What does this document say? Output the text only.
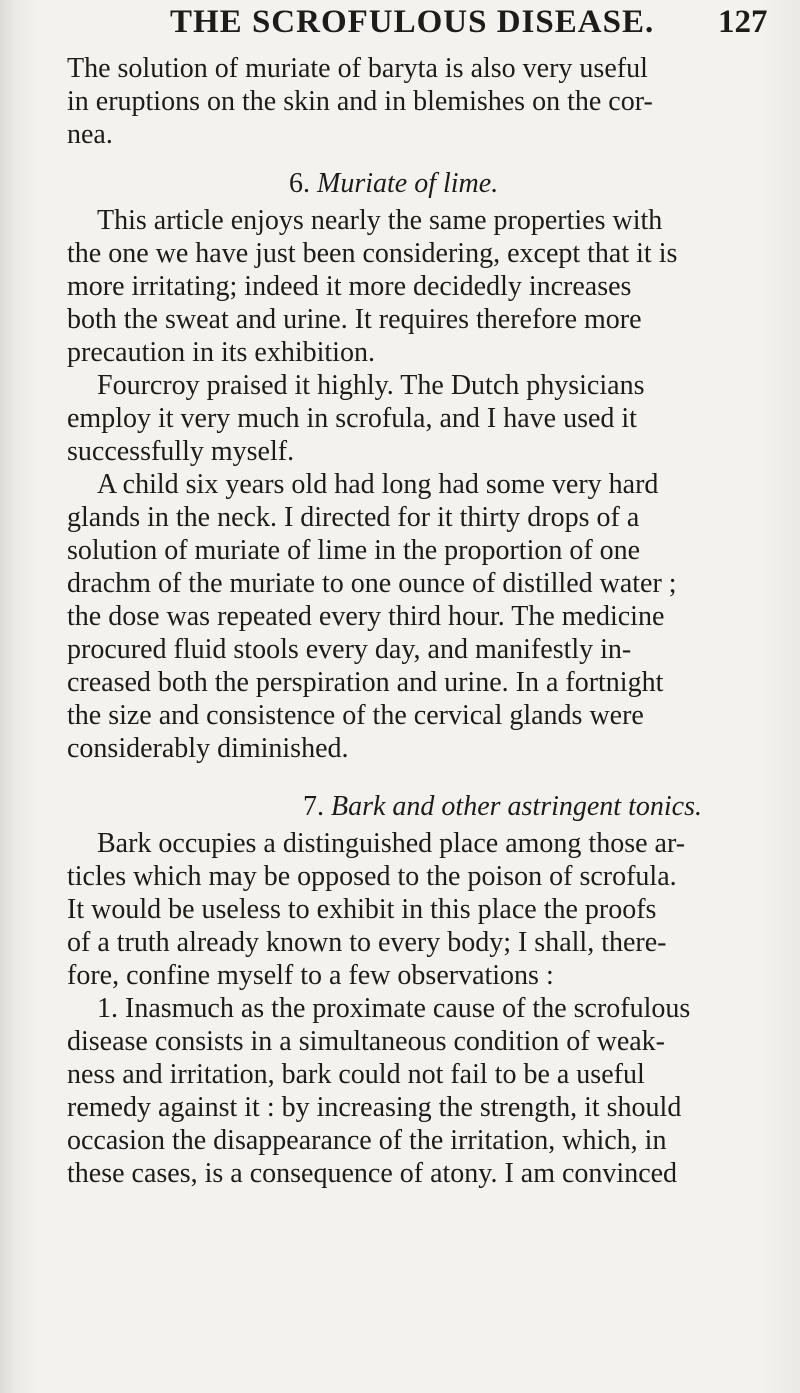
THE SCROFULOUS DISEASE. 127
The solution of muriate of baryta is also very useful
in eruptions on the skin and in blemishes on the cor-
nea.
6. Muriate of lime.
This article enjoys nearly the same properties with
the one we have just been considering, except that it is
more irritating; indeed it more decidedly increases
both the sweat and urine. It requires therefore more
precaution in its exhibition.
Fourcroy praised it highly. The Dutch physicians
employ it very much in scrofula, and I have used it
successfully myself.
A child six years old had long had some very hard
glands in the neck. I directed for it thirty drops of a
solution of muriate of lime in the proportion of one
drachm of the muriate to one ounce of distilled water ;
the dose was repeated every third hour. The medicine
procured fluid stools every day, and manifestly in-
creased both the perspiration and urine. In a fortnight
the size and consistence of the cervical glands were
considerably diminished.
7. Bark and other astringent tonics.
Bark occupies a distinguished place among those ar-
ticles which may be opposed to the poison of scrofula.
It would be useless to exhibit in this place the proofs
of a truth already known to every body; I shall, there-
fore, confine myself to a few observations :
1. Inasmuch as the proximate cause of the scrofulous
disease consists in a simultaneous condition of weak-
ness and irritation, bark could not fail to be a useful
remedy against it : by increasing the strength, it should
occasion the disappearance of the irritation, which, in
these cases, is a consequence of atony. I am convinced
